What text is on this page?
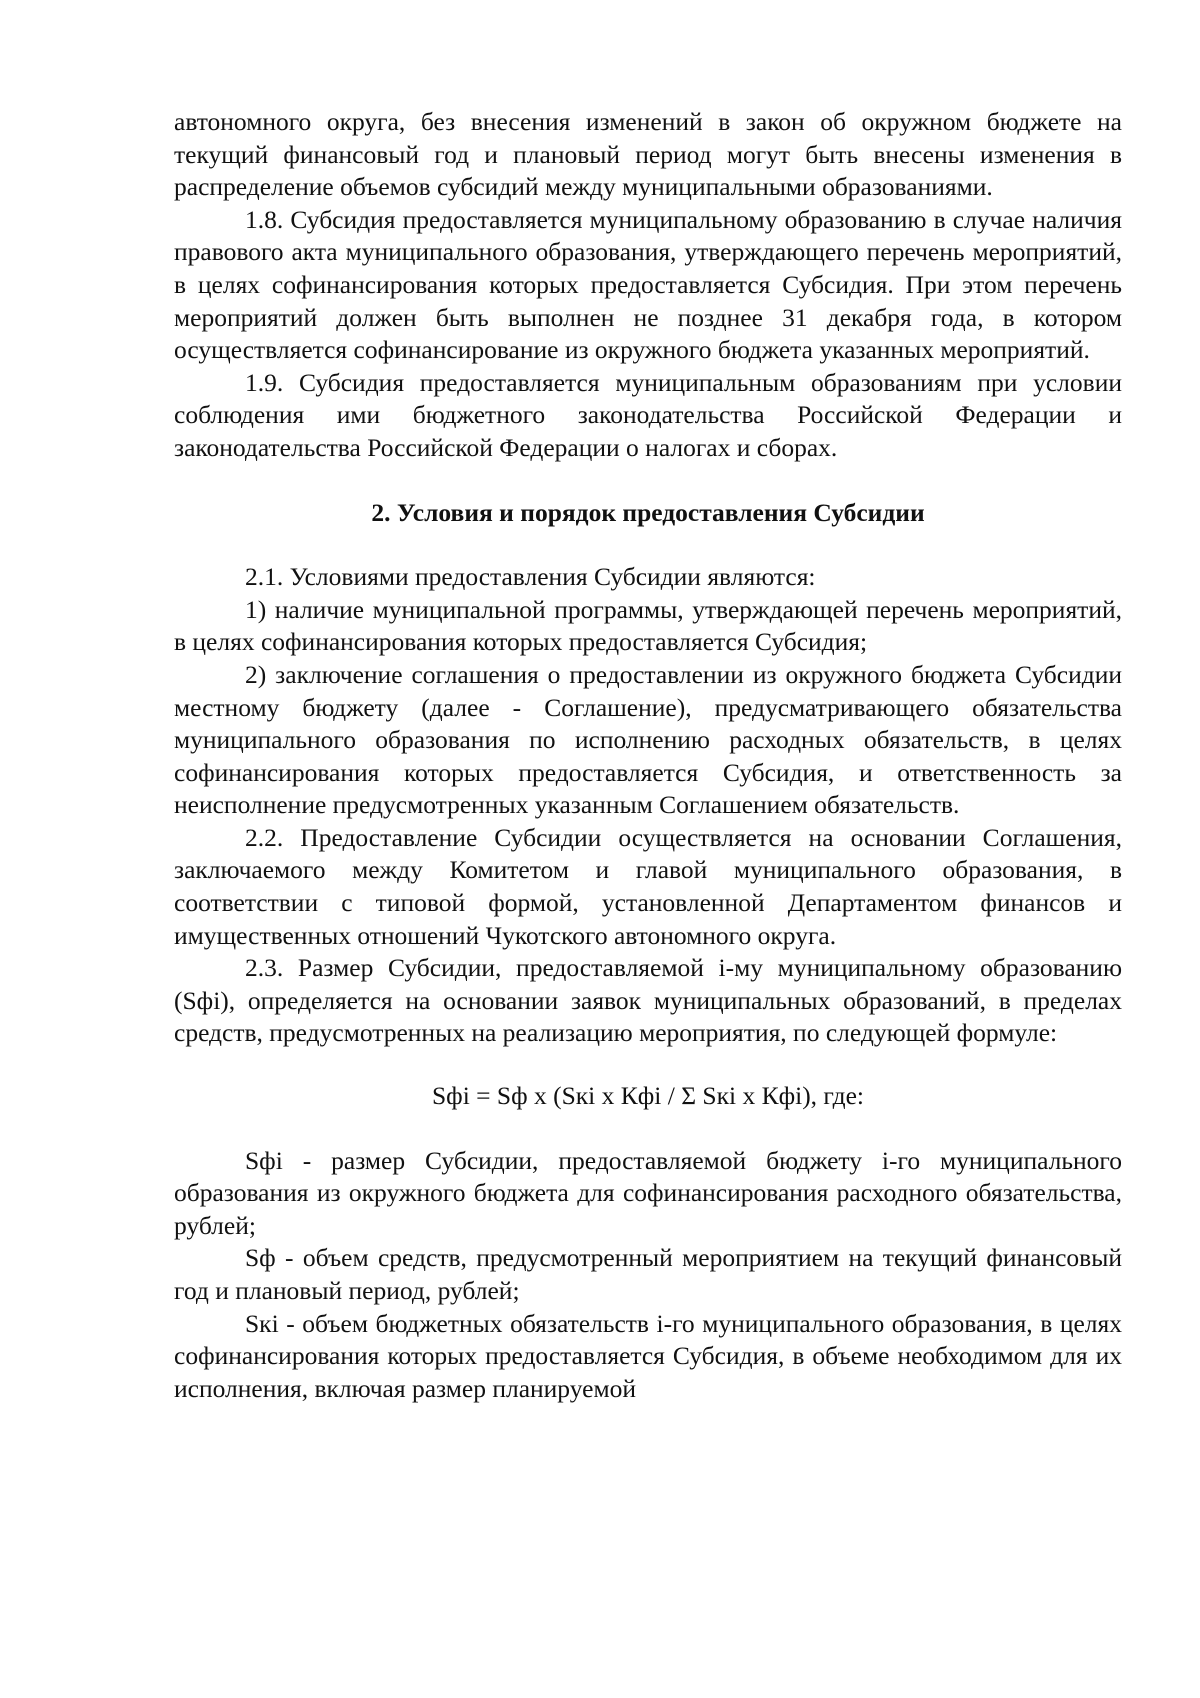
автономного округа, без внесения изменений в закон об окружном бюджете на текущий финансовый год и плановый период могут быть внесены изменения в распределение объемов субсидий между муниципальными образованиями.

1.8. Субсидия предоставляется муниципальному образованию в случае наличия правового акта муниципального образования, утверждающего перечень мероприятий, в целях софинансирования которых предоставляется Субсидия. При этом перечень мероприятий должен быть выполнен не позднее 31 декабря года, в котором осуществляется софинансирование из окружного бюджета указанных мероприятий.

1.9. Субсидия предоставляется муниципальным образованиям при условии соблюдения ими бюджетного законодательства Российской Федерации и законодательства Российской Федерации о налогах и сборах.

2. Условия и порядок предоставления Субсидии

2.1. Условиями предоставления Субсидии являются:

1) наличие муниципальной программы, утверждающей перечень мероприятий, в целях софинансирования которых предоставляется Субсидия;

2) заключение соглашения о предоставлении из окружного бюджета Субсидии местному бюджету (далее - Соглашение), предусматривающего обязательства муниципального образования по исполнению расходных обязательств, в целях софинансирования которых предоставляется Субсидия, и ответственность за неисполнение предусмотренных указанным Соглашением обязательств.

2.2. Предоставление Субсидии осуществляется на основании Соглашения, заключаемого между Комитетом и главой муниципального образования, в соответствии с типовой формой, установленной Департаментом финансов и имущественных отношений Чукотского автономного округа.

2.3. Размер Субсидии, предоставляемой i-му муниципальному образованию (Sфi), определяется на основании заявок муниципальных образований, в пределах средств, предусмотренных на реализацию мероприятия, по следующей формуле:

Sфi = Sф x (Sкi x Кфi / Σ Sкi x Кфi), где:

Sфi - размер Субсидии, предоставляемой бюджету i-го муниципального образования из окружного бюджета для софинансирования расходного обязательства, рублей;

Sф - объем средств, предусмотренный мероприятием на текущий финансовый год и плановый период, рублей;

Sкi - объем бюджетных обязательств i-го муниципального образования, в целях софинансирования которых предоставляется Субсидия, в объеме необходимом для их исполнения, включая размер планируемой
